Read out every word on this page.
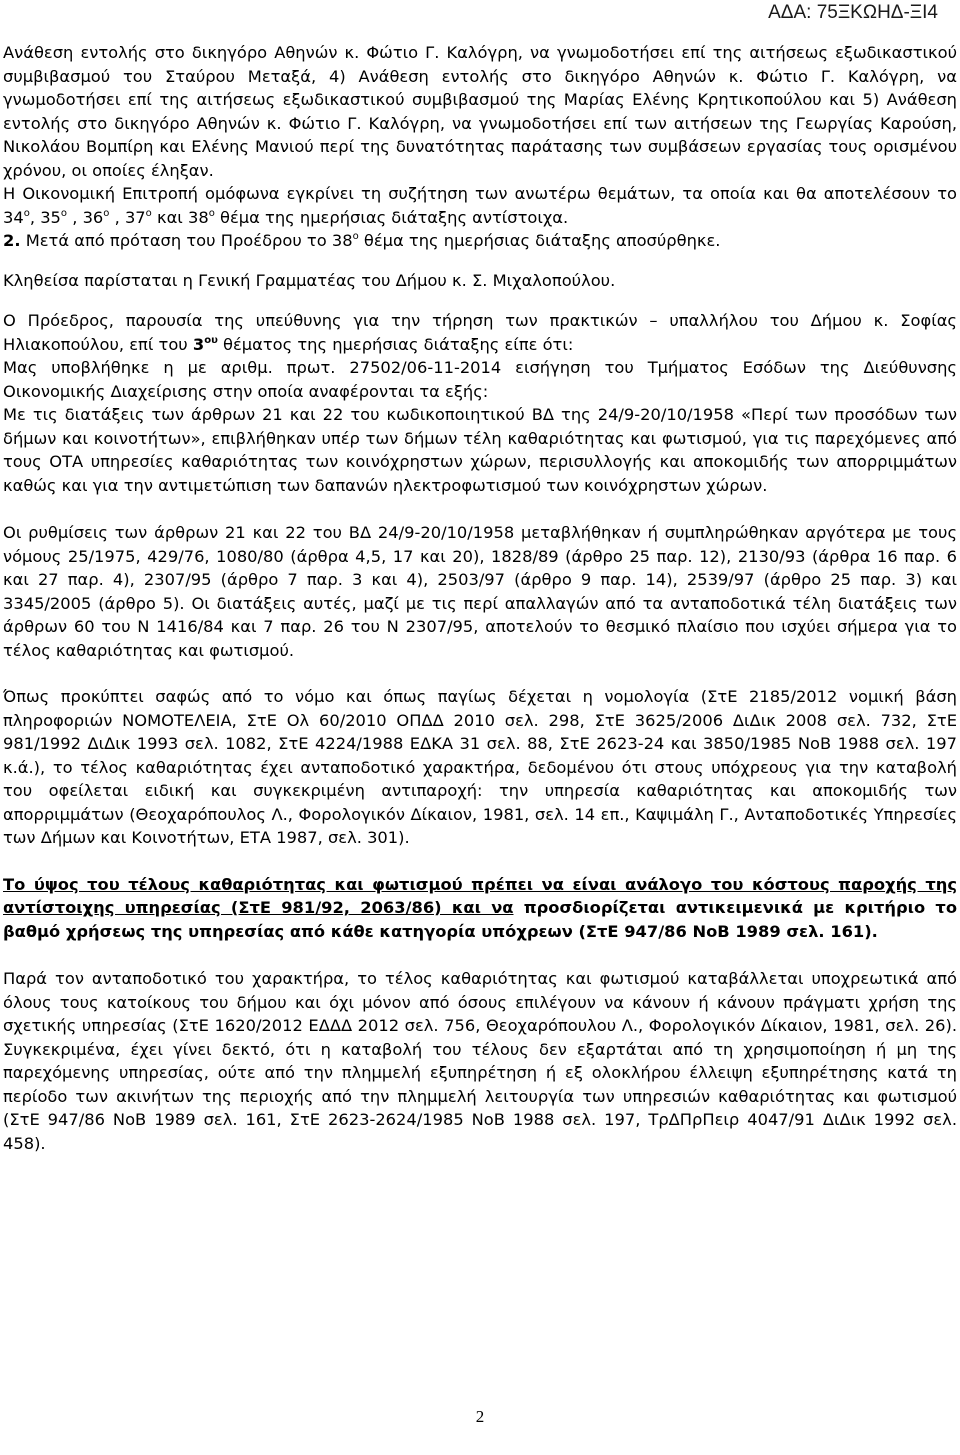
ΑΔΑ: 75ΞΚΩΗΔ-ΞΙ4

Ανάθεση εντολής στο δικηγόρο Αθηνών κ. Φώτιο Γ. Καλόγρη, να γνωμοδοτήσει επί της αιτήσεως εξωδικαστικού συμβιβασμού του Σταύρου Μεταξά, 4) Ανάθεση εντολής στο δικηγόρο Αθηνών κ. Φώτιο Γ. Καλόγρη, να γνωμοδοτήσει επί της αιτήσεως εξωδικαστικού συμβιβασμού της Μαρίας Ελένης Κρητικοπούλου και 5) Ανάθεση εντολής στο δικηγόρο Αθηνών κ. Φώτιο Γ. Καλόγρη, να γνωμοδοτήσει επί των αιτήσεων της Γεωργίας Καρούση, Νικολάου Βομπίρη και Ελένης Μανιού περί της δυνατότητας παράτασης των συμβάσεων εργασίας τους ορισμένου χρόνου, οι οποίες έληξαν.

Η Οικονομική Επιτροπή ομόφωνα εγκρίνει τη συζήτηση των ανωτέρω θεμάτων, τα οποία και θα αποτελέσουν το $34^o$, $35^o$ , $36^o$ , $37^o$ και $38^o$ θέμα της ημερήσιας διάταξης αντίστοιχα.

2. Μετά από πρόταση του Προέδρου το $38^o$ θέμα της ημερήσιας διάταξης αποσύρθηκε.

Κληθείσα παρίσταται η Γενική Γραμματέας του Δήμου κ. Σ. Μιχαλοπούλου.

Ο Πρόεδρος, παρουσία της υπεύθυνης για την τήρηση των πρακτικών – υπαλλήλου του Δήμου κ. Σοφίας Ηλιακοπούλου, επί του $3^{o\upsilon}$ θέματος της ημερήσιας διάταξης είπε ότι:

Μας υποβλήθηκε η με αριθμ. πρωτ. 27502/06-11-2014 εισήγηση του Τμήματος Εσόδων της Διεύθυνσης Οικονομικής Διαχείρισης στην οποία αναφέρονται τα εξής:

Με τις διατάξεις των άρθρων 21 και 22 του κωδικοποιητικού ΒΔ της 24/9-20/10/1958 «Περί των προσόδων των δήμων και κοινοτήτων», επιβλήθηκαν υπέρ των δήμων τέλη καθαριότητας και φωτισμού, για τις παρεχόμενες από τους ΟΤΑ υπηρεσίες καθαριότητας των κοινόχρηστων χώρων, περισυλλογής και αποκομιδής των απορριμμάτων καθώς και για την αντιμετώπιση των δαπανών ηλεκτροφωτισμού των κοινόχρηστων χώρων.

Οι ρυθμίσεις των άρθρων 21 και 22 του ΒΔ 24/9-20/10/1958 μεταβλήθηκαν ή συμπληρώθηκαν αργότερα με τους νόμους 25/1975, 429/76, 1080/80 (άρθρα 4,5, 17 και 20), 1828/89 (άρθρο 25 παρ. 12), 2130/93 (άρθρα 16 παρ. 6 και 27 παρ. 4), 2307/95 (άρθρο 7 παρ. 3 και 4), 2503/97 (άρθρο 9 παρ. 14), 2539/97 (άρθρο 25 παρ. 3) και 3345/2005 (άρθρο 5). Οι διατάξεις αυτές, μαζί με τις περί απαλλαγών από τα ανταποδοτικά τέλη διατάξεις των άρθρων 60 του Ν 1416/84 και 7 παρ. 26 του Ν 2307/95, αποτελούν το θεσμικό πλαίσιο που ισχύει σήμερα για το τέλος καθαριότητας και φωτισμού.

Όπως προκύπτει σαφώς από το νόμο και όπως παγίως δέχεται η νομολογία (ΣτΕ 2185/2012 νομική βάση πληροφοριών ΝΟΜΟΤΕΛΕΙΑ, ΣτΕ Ολ 60/2010 ΟΠΔΔ 2010 σελ. 298, ΣτΕ 3625/2006 ΔιΔικ 2008 σελ. 732, ΣτΕ 981/1992 ΔιΔικ 1993 σελ. 1082, ΣτΕ 4224/1988 ΕΔΚΑ 31 σελ. 88, ΣτΕ 2623-24 και 3850/1985 ΝοΒ 1988 σελ. 197 κ.ά.), το τέλος καθαριότητας έχει ανταποδοτικό χαρακτήρα, δεδομένου ότι στους υπόχρεους για την καταβολή του οφείλεται ειδική και συγκεκριμένη αντιπαροχή: την υπηρεσία καθαριότητας και αποκομιδής των απορριμμάτων (Θεοχαρόπουλος Λ., Φορολογικόν Δίκαιον, 1981, σελ. 14 επ., Καψιμάλη Γ., Ανταποδοτικές Υπηρεσίες των Δήμων και Κοινοτήτων, ΕΤΑ 1987, σελ. 301).

Το ύψος του τέλους καθαριότητας και φωτισμού πρέπει να είναι ανάλογο του κόστους παροχής της αντίστοιχης υπηρεσίας (ΣτΕ 981/92, 2063/86) και να προσδιορίζεται αντικειμενικά με κριτήριο το βαθμό χρήσεως της υπηρεσίας από κάθε κατηγορία υπόχρεων (ΣτΕ 947/86 ΝοΒ 1989 σελ. 161).

Παρά τον ανταποδοτικό του χαρακτήρα, το τέλος καθαριότητας και φωτισμού καταβάλλεται υποχρεωτικά από όλους τους κατοίκους του δήμου και όχι μόνον από όσους επιλέγουν να κάνουν ή κάνουν πράγματι χρήση της σχετικής υπηρεσίας (ΣτΕ 1620/2012 ΕΔΔΔ 2012 σελ. 756, Θεοχαρόπουλου Λ., Φορολογικόν Δίκαιον, 1981, σελ. 26). Συγκεκριμένα, έχει γίνει δεκτό, ότι η καταβολή του τέλους δεν εξαρτάται από τη χρησιμοποίηση ή μη της παρεχόμενης υπηρεσίας, ούτε από την πλημμελή εξυπηρέτηση ή εξ ολοκλήρου έλλειψη εξυπηρέτησης κατά τη περίοδο των ακινήτων της περιοχής από την πλημμελή λειτουργία των υπηρεσιών καθαριότητας και φωτισμού (ΣτΕ 947/86 ΝοΒ 1989 σελ. 161, ΣτΕ 2623-2624/1985 ΝοΒ 1988 σελ. 197, ΤρΔΠρΠειρ 4047/91 ΔιΔικ 1992 σελ. 458).

2
